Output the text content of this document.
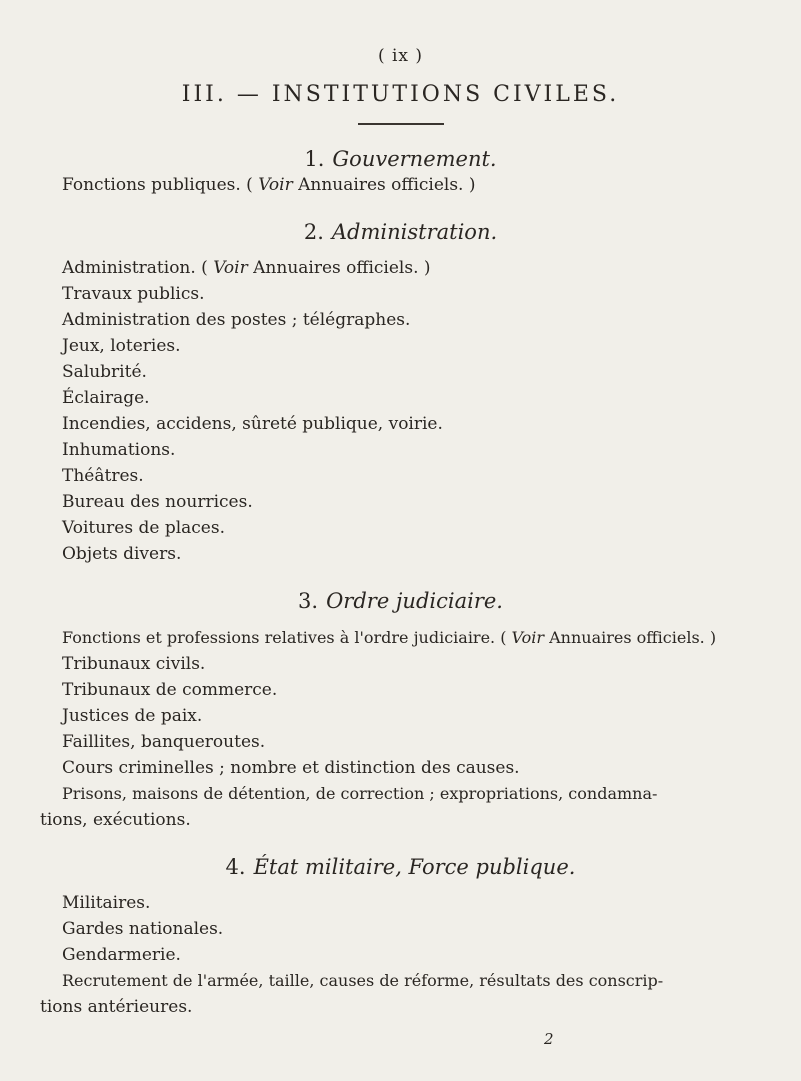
( ix )
III. — INSTITUTIONS CIVILES.
1. Gouvernement.
Fonctions publiques. ( Voir Annuaires officiels. )
2. Administration.
Administration. ( Voir Annuaires officiels. )
Travaux publics.
Administration des postes ; télégraphes.
Jeux, loteries.
Salubrité.
Éclairage.
Incendies, accidens, sûreté publique, voirie.
Inhumations.
Théâtres.
Bureau des nourrices.
Voitures de places.
Objets divers.
3. Ordre judiciaire.
Fonctions et professions relatives à l'ordre judiciaire. ( Voir Annuaires officiels. )
Tribunaux civils.
Tribunaux de commerce.
Justices de paix.
Faillites, banqueroutes.
Cours criminelles ; nombre et distinction des causes.
Prisons, maisons de détention, de correction ; expropriations, condamna-
tions, exécutions.
4. État militaire, Force publique.
Militaires.
Gardes nationales.
Gendarmerie.
Recrutement de l'armée, taille, causes de réforme, résultats des conscrip-
tions antérieures.
2
